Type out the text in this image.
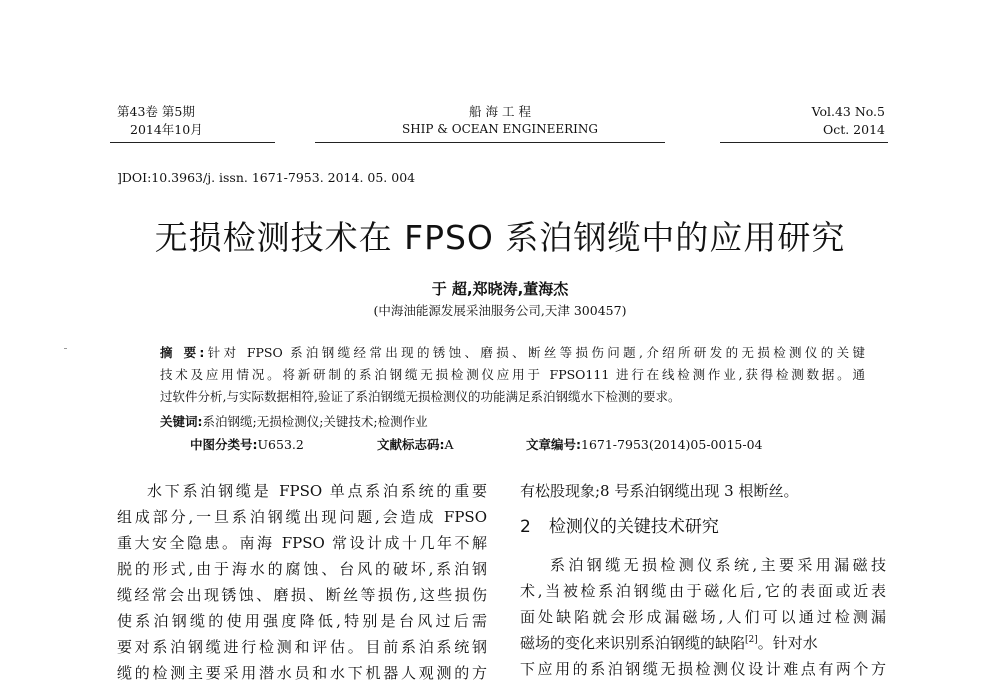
第43卷 第5期
2014年10月
船 海 工 程
SHIP & OCEAN ENGINEERING
Vol.43 No.5
Oct. 2014
]DOI:10.3963/j. issn. 1671-7953. 2014. 05. 004
无损检测技术在 FPSO 系泊钢缆中的应用研究
于 超,郑晓涛,董海杰
(中海油能源发展采油服务公司,天津 300457)
摘 要:针对 FPSO 系泊钢缆经常出现的锈蚀、磨损、断丝等损伤问题,介绍所研发的无损检测仪的关键
技术及应用情况。将新研制的系泊钢缆无损检测仪应用于 FPSO111 进行在线检测作业,获得检测数据。通
过软件分析,与实际数据相符,验证了系泊钢缆无损检测仪的功能满足系泊钢缆水下检测的要求。
关键词:系泊钢缆;无损检测仪;关键技术;检测作业
中图分类号:U653.2	文献标志码:A	文章编号:1671-7953(2014)05-0015-04
水下系泊钢缆是 FPSO 单点系泊系统的重要
组成部分,一旦系泊钢缆出现问题,会造成 FPSO
重大安全隐患。南海 FPSO 常设计成十几年不解
脱的形式,由于海水的腐蚀、台风的破坏,系泊钢
缆经常会出现锈蚀、磨损、断丝等损伤,这些损伤
使系泊钢缆的使用强度降低,特别是台风过后需
要对系泊钢缆进行检测和评估。目前系泊系统钢
缆的检测主要采用潜水员和水下机器人观测的方
有松股现象;8 号系泊钢缆出现 3 根断丝。
2 检测仪的关键技术研究
系泊钢缆无损检测仪系统,主要采用漏磁技
术,当被检系泊钢缆由于磁化后,它的表面或近表
面处缺陷就会形成漏磁场,人们可以通过检测漏
磁场的变化来识别系泊钢缆的缺陷[2]。针对水
下应用的系泊钢缆无损检测仪设计难点有两个方
